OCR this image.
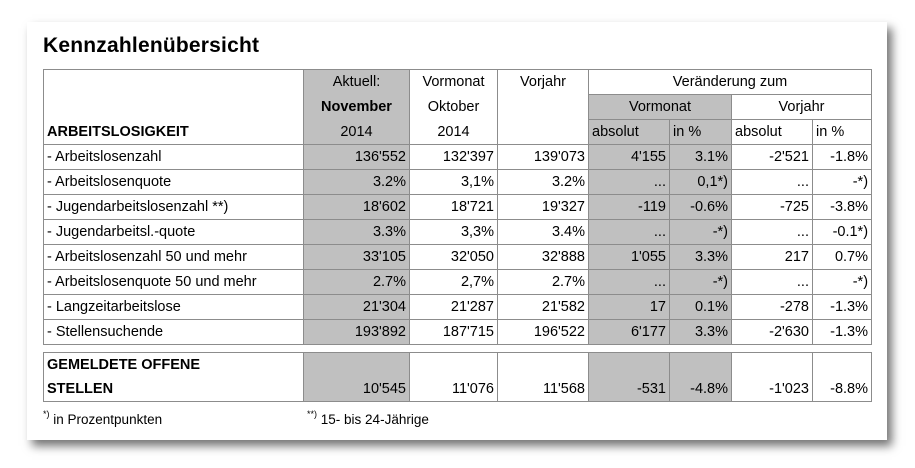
Kennzahlenübersicht
	Aktuell:	Vormonat	Vorjahr	Veränderung zum			
	November	Oktober		Vormonat		Vorjahr	
ARBEITSLOSIGKEIT	2014	2014		absolut	in %	absolut	in %
- Arbeitslosenzahl	136'552	132'397	139'073	4'155	3.1%	-2'521	-1.8%
- Arbeitslosenquote	3.2%	3,1%	3.2%	...	0,1*)	...	-*)
- Jugendarbeitslosenzahl **)	18'602	18'721	19'327	-119	-0.6%	-725	-3.8%
- Jugendarbeitsl.-quote	3.3%	3,3%	3.4%	...	-*)	...	-0.1*)
- Arbeitslosenzahl 50 und mehr	33'105	32'050	32'888	1'055	3.3%	217	0.7%
- Arbeitslosenquote 50 und mehr	2.7%	2,7%	2.7%	...	-*)	...	-*)
- Langzeitarbeitslose	21'304	21'287	21'582	17	0.1%	-278	-1.3%
- Stellensuchende	193'892	187'715	196'522	6'177	3.3%	-2'630	-1.3%

GEMELDETE OFFENE							
STELLEN	10'545	11'076	11'568	-531	-4.8%	-1'023	-8.8%
*) in Prozentpunkten	**) 15- bis 24-Jährige
